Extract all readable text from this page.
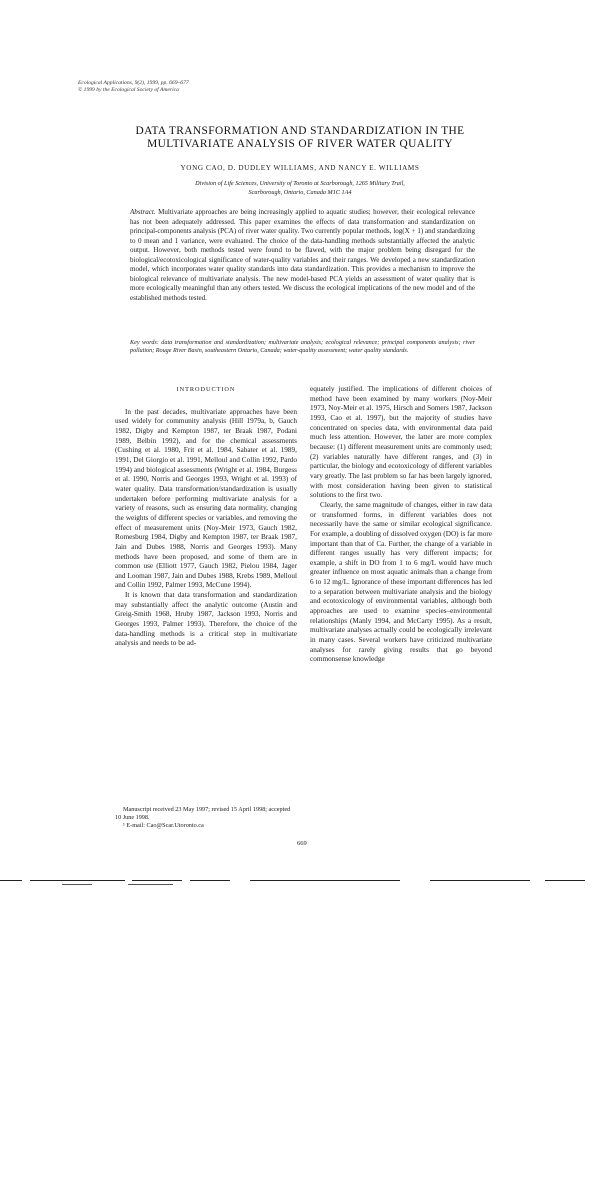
Ecological Applications, 9(2), 1999, pp. 669–677
© 1999 by the Ecological Society of America
DATA TRANSFORMATION AND STANDARDIZATION IN THE
MULTIVARIATE ANALYSIS OF RIVER WATER QUALITY
YONG CAO, D. DUDLEY WILLIAMS, AND NANCY E. WILLIAMS
Division of Life Sciences, University of Toronto at Scarborough, 1265 Military Trail,
Scarborough, Ontario, Canada M1C 1A4
Abstract. Multivariate approaches are being increasingly applied to aquatic studies; however, their ecological relevance has not been adequately addressed. This paper examines the effects of data transformation and standardization on principal-components analysis (PCA) of river water quality. Two currently popular methods, log(X + 1) and standardizing to 0 mean and 1 variance, were evaluated. The choice of the data-handling methods substantially affected the analytic output. However, both methods tested were found to be flawed, with the major problem being disregard for the biological/ecotoxicological significance of water-quality variables and their ranges. We developed a new standardization model, which incorporates water quality standards into data standardization. This provides a mechanism to improve the biological relevance of multivariate analysis. The new model-based PCA yields an assessment of water quality that is more ecologically meaningful than any others tested. We discuss the ecological implications of the new model and of the established methods tested.
Key words: data transformation and standardization; multivariate analysis; ecological relevance; principal components analysis; river pollution; Rouge River Basin, southeastern Ontario, Canada; water-quality assessment; water quality standards.
INTRODUCTION

In the past decades, multivariate approaches have been used widely for community analysis (Hill 1979a, b, Gauch 1982, Digby and Kempton 1987, ter Braak 1987, Podani 1989, Belbin 1992), and for the chemical assessments (Cushing et al. 1980, Frit et al. 1984, Sabater et al. 1989, 1991, Del Giorgio et al. 1991, Melloul and Collin 1992, Pardo 1994) and biological assessments (Wright et al. 1984, Burgess et al. 1990, Norris and Georges 1993, Wright et al. 1993) of water quality. Data transformation/standardization is usually undertaken before performing multivariate analysis for a variety of reasons, such as ensuring data normality, changing the weights of different species or variables, and removing the effect of measurement units (Noy-Meir 1973, Gauch 1982, Romesburg 1984, Digby and Kempton 1987, ter Braak 1987, Jain and Dubes 1988, Norris and Georges 1993). Many methods have been proposed, and some of them are in common use (Elliott 1977, Gauch 1982, Pielou 1984, Jager and Looman 1987, Jain and Dubes 1988, Krebs 1989, Melloul and Collin 1992, Palmer 1993, McCune 1994).

It is known that data transformation and standardization may substantially affect the analytic outcome (Austin and Greig-Smith 1968, Hruby 1987, Jackson 1993, Norris and Georges 1993, Palmer 1993). Therefore, the choice of the data-handling methods is a critical step in multivariate analysis and needs to be ad-

equately justified. The implications of different choices of method have been examined by many workers (Noy-Meir 1973, Noy-Meir et al. 1975, Hirsch and Somers 1987, Jackson 1993, Cao et al. 1997), but the majority of studies have concentrated on species data, with environmental data paid much less attention. However, the latter are more complex because: (1) different measurement units are commonly used; (2) variables naturally have different ranges, and (3) in particular, the biology and ecotoxicology of different variables vary greatly. The last problem so far has been largely ignored, with most consideration having been given to statistical solutions to the first two.

Clearly, the same magnitude of changes, either in raw data or transformed forms, in different variables does not necessarily have the same or similar ecological significance. For example, a doubling of dissolved oxygen (DO) is far more important than that of Ca. Further, the change of a variable in different ranges usually has very different impacts; for example, a shift in DO from 1 to 6 mg/L would have much greater influence on most aquatic animals than a change from 6 to 12 mg/L. Ignorance of these important differences has led to a separation between multivariate analysis and the biology and ecotoxicology of environmental variables, although both approaches are used to examine species–environmental relationships (Manly 1994, and McCarty 1995). As a result, multivariate analyses actually could be ecologically irrelevant in many cases. Several workers have criticized multivariate analyses for rarely giving results that go beyond commonsense knowledge

Manuscript received 23 May 1997; revised 15 April 1998; accepted 10 June 1998.

¹ E-mail: Cao@Scar.Utoronto.ca

669
